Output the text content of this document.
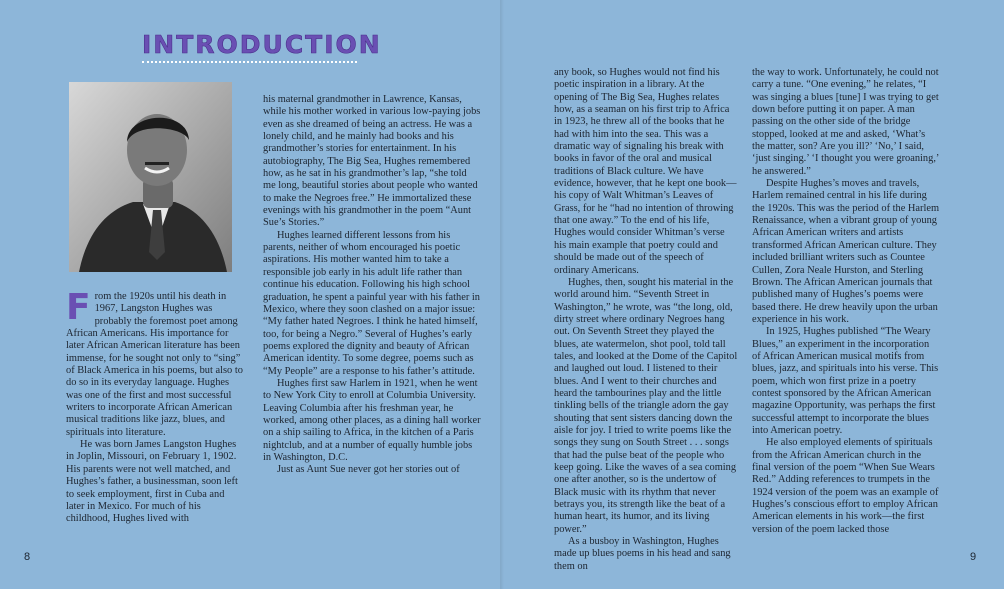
INTRODUCTION

From the 1920s until his death in 1967, Langston Hughes was probably the foremost poet among African Americans. His importance for later African American literature has been immense, for he sought not only to “sing” of Black America in his poems, but also to do so in its everyday language. Hughes was one of the first and most successful writers to incorporate African American musical traditions like jazz, blues, and spirituals into literature.

He was born James Langston Hughes in Joplin, Missouri, on February 1, 1902. His parents were not well matched, and Hughes’s father, a businessman, soon left to seek employment, first in Cuba and later in Mexico. For much of his childhood, Hughes lived with

his maternal grandmother in Lawrence, Kansas, while his mother worked in various low-paying jobs even as she dreamed of being an actress. He was a lonely child, and he mainly had books and his grandmother’s stories for entertainment. In his autobiography, The Big Sea, Hughes remembered how, as he sat in his grandmother’s lap, “she told me long, beautiful stories about people who wanted to make the Negroes free.” He immortalized these evenings with his grandmother in the poem “Aunt Sue’s Stories.”

Hughes learned different lessons from his parents, neither of whom encouraged his poetic aspirations. His mother wanted him to take a responsible job early in his adult life rather than continue his education. Following his high school graduation, he spent a painful year with his father in Mexico, where they soon clashed on a major issue: “My father hated Negroes. I think he hated himself, too, for being a Negro.” Several of Hughes’s early poems explored the dignity and beauty of African American identity. To some degree, poems such as “My People” are a response to his father’s attitude.

Hughes first saw Harlem in 1921, when he went to New York City to enroll at Columbia University. Leaving Columbia after his freshman year, he worked, among other places, as a dining hall worker on a ship sailing to Africa, in the kitchen of a Paris nightclub, and at a number of equally humble jobs in Washington, D.C.

Just as Aunt Sue never got her stories out of

any book, so Hughes would not find his poetic inspiration in a library. At the opening of The Big Sea, Hughes relates how, as a seaman on his first trip to Africa in 1923, he threw all of the books that he had with him into the sea. This was a dramatic way of signaling his break with books in favor of the oral and musical traditions of Black culture. We have evidence, however, that he kept one book—his copy of Walt Whitman’s Leaves of Grass, for he “had no intention of throwing that one away.” To the end of his life, Hughes would consider Whitman’s verse his main example that poetry could and should be made out of the speech of ordinary Americans.

Hughes, then, sought his material in the world around him. “Seventh Street in Washington,” he wrote, was “the long, old, dirty street where ordinary Negroes hang out. On Seventh Street they played the blues, ate watermelon, shot pool, told tall tales, and looked at the Dome of the Capitol and laughed out loud. I listened to their blues. And I went to their churches and heard the tambourines play and the little tinkling bells of the triangle adorn the gay shouting that sent sisters dancing down the aisle for joy. I tried to write poems like the songs they sung on South Street . . . songs that had the pulse beat of the people who keep going. Like the waves of a sea coming one after another, so is the undertow of Black music with its rhythm that never betrays you, its strength like the beat of a human heart, its humor, and its living power.”

As a busboy in Washington, Hughes made up blues poems in his head and sang them on

the way to work. Unfortunately, he could not carry a tune. “One evening,” he relates, “I was singing a blues [tune] I was trying to get down before putting it on paper. A man passing on the other side of the bridge stopped, looked at me and asked, ‘What’s the matter, son? Are you ill?’ ‘No,’ I said, ‘just singing.’ ‘I thought you were groaning,’ he answered.”

Despite Hughes’s moves and travels, Harlem remained central in his life during the 1920s. This was the period of the Harlem Renaissance, when a vibrant group of young African American writers and artists transformed African American culture. They included brilliant writers such as Countee Cullen, Zora Neale Hurston, and Sterling Brown. The African American journals that published many of Hughes’s poems were based there. He drew heavily upon the urban experience in his work.

In 1925, Hughes published “The Weary Blues,” an experiment in the incorporation of African American musical motifs from blues, jazz, and spirituals into his verse. This poem, which won first prize in a poetry contest sponsored by the African American magazine Opportunity, was perhaps the first successful attempt to incorporate the blues into American poetry.

He also employed elements of spirituals from the African American church in the final version of the poem “When Sue Wears Red.” Adding references to trumpets in the 1924 version of the poem was an example of Hughes’s conscious effort to employ African American elements in his work—the first version of the poem lacked those

8	9
